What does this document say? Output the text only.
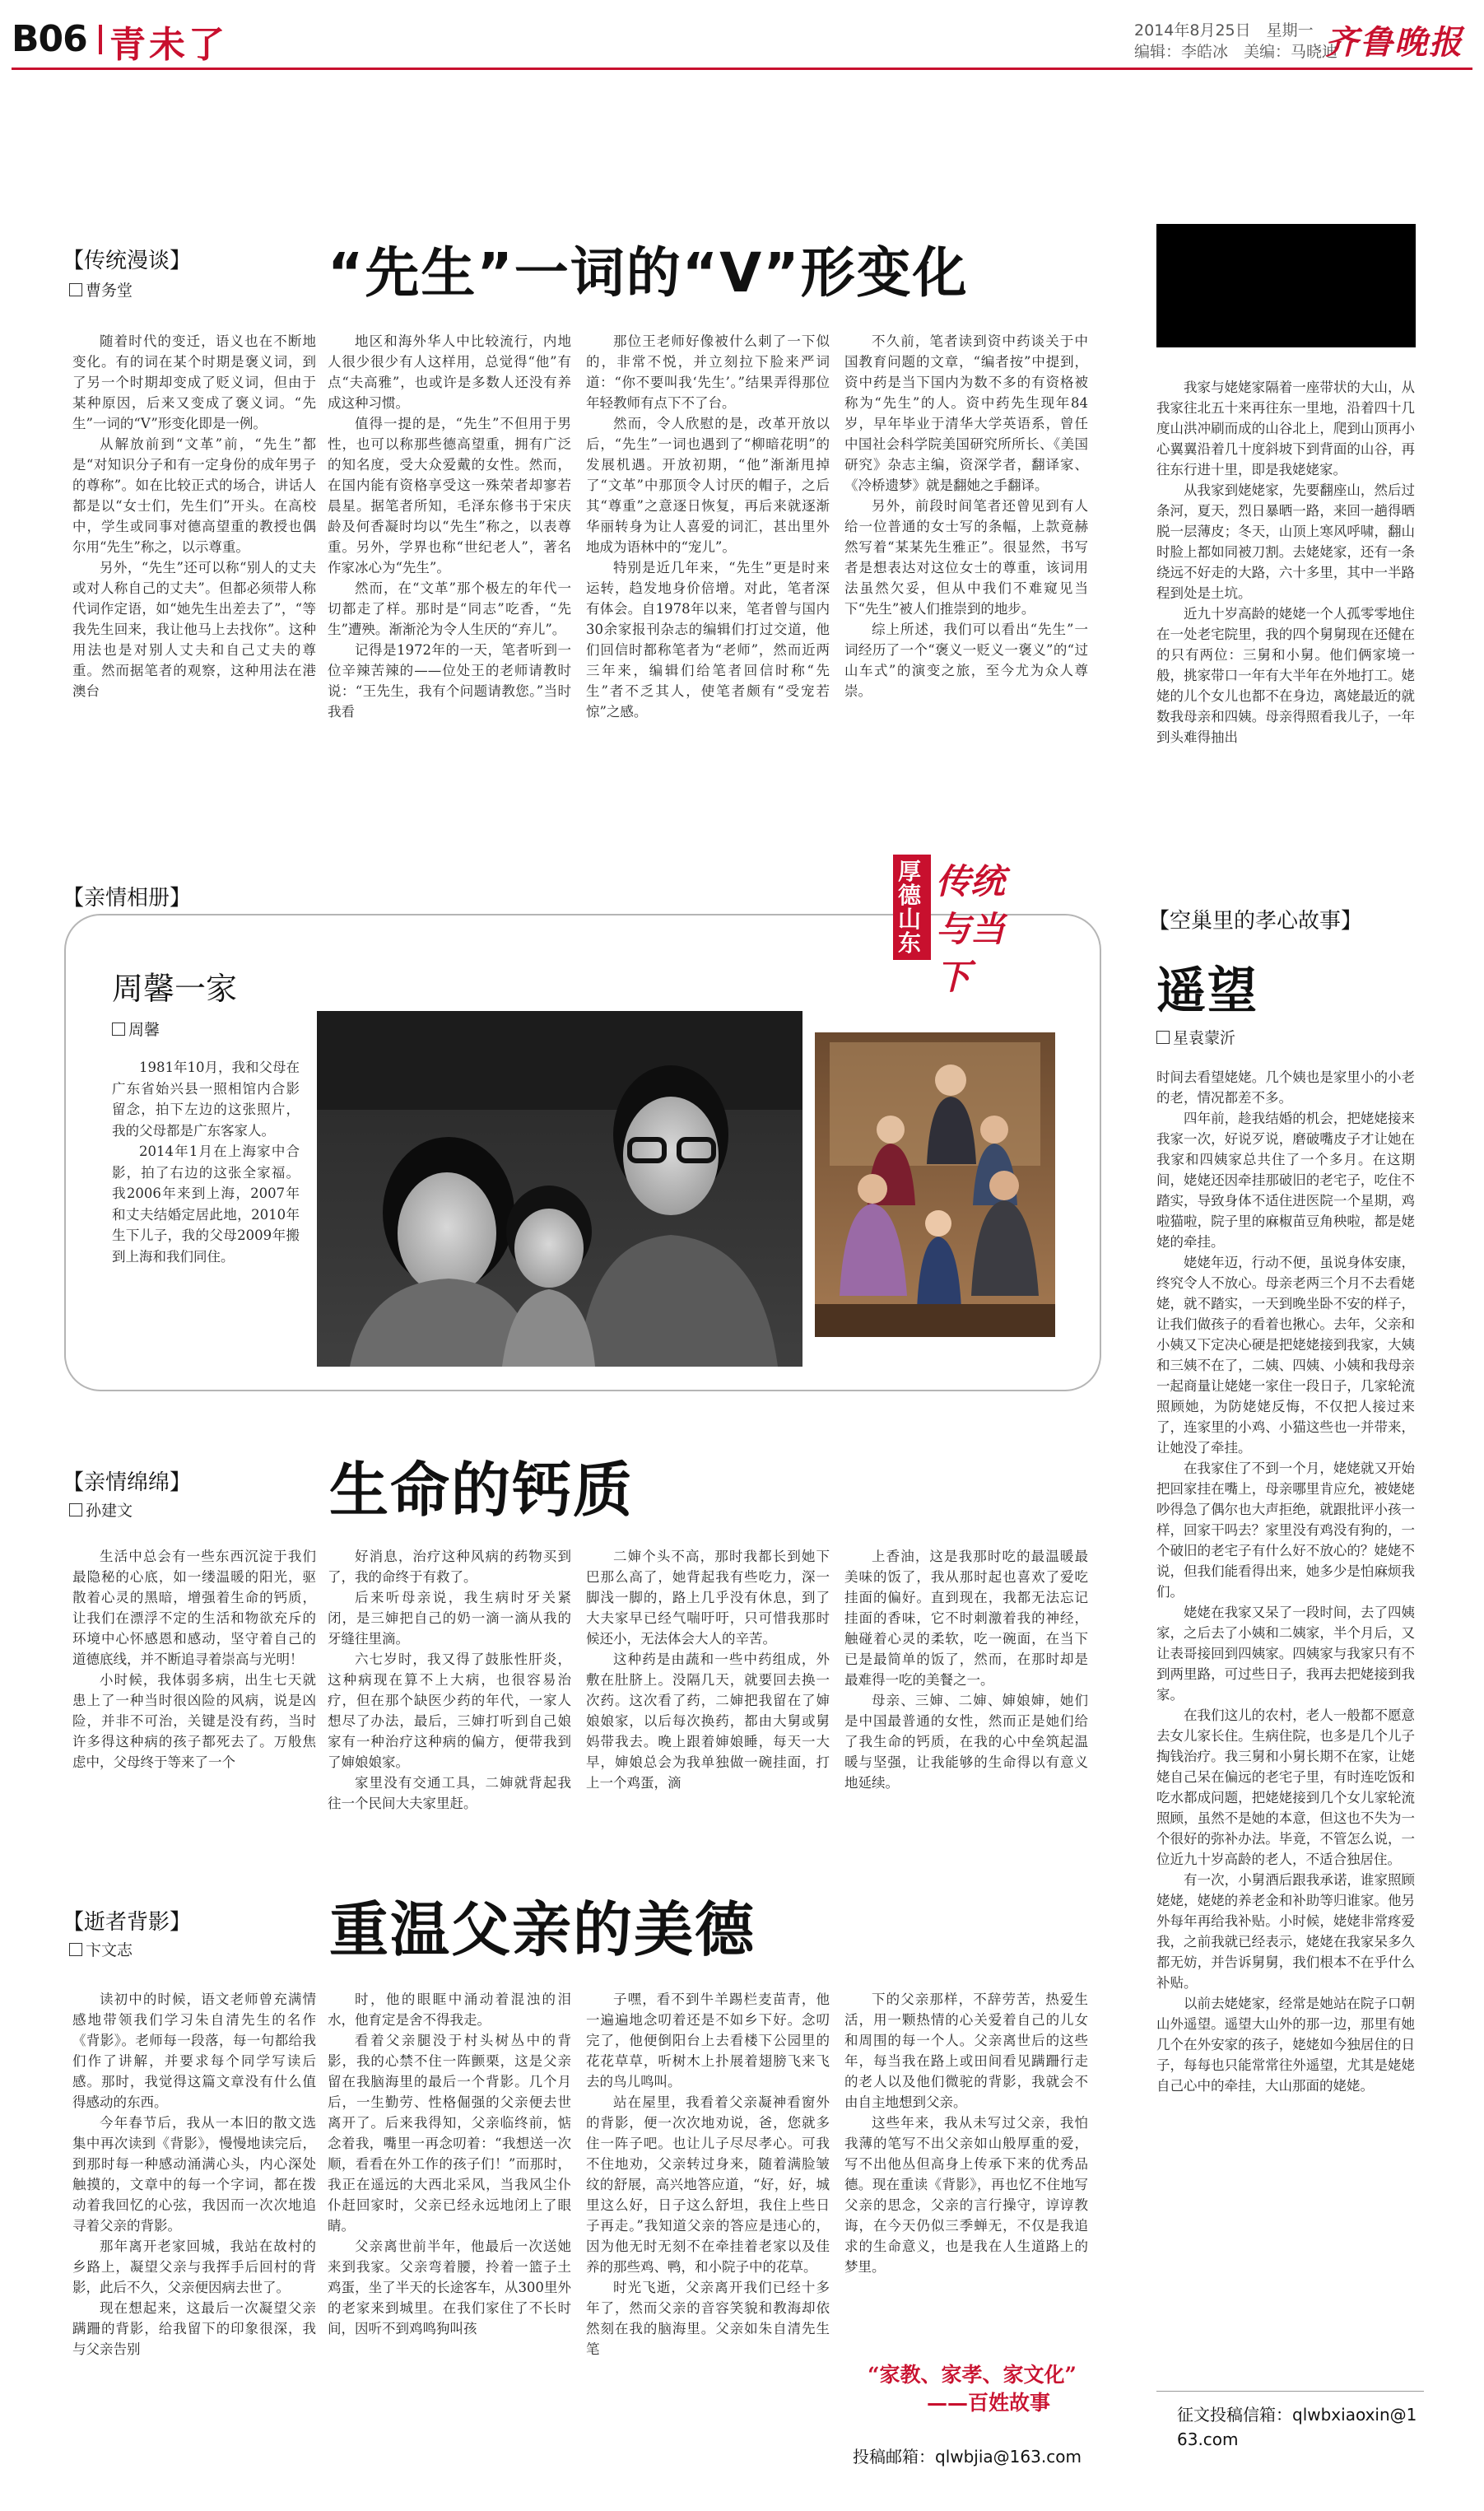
B06 青未了	2014年8月25日　星期一
编辑：李皓冰　美编：马晓迪
齐鲁晚报
【传统漫谈】
曹务堂	“先生”一词的“V”形变化

随着时代的变迁，语义也在不断地变化。有的词在某个时期是褒义词，到了另一个时期却变成了贬义词，但由于某种原因，后来又变成了褒义词。“先生”一词的“V”形变化即是一例。

从解放前到“文革”前，“先生”都是“对知识分子和有一定身份的成年男子的尊称”。如在比较正式的场合，讲话人都是以“女士们，先生们”开头。在高校中，学生或同事对德高望重的教授也偶尔用“先生”称之，以示尊重。

另外，“先生”还可以称“别人的丈夫或对人称自己的丈夫”。但都必须带人称代词作定语，如“她先生出差去了”，“等我先生回来，我让他马上去找你”。这种用法也是对别人丈夫和自己丈夫的尊重。然而据笔者的观察，这种用法在港澳台

地区和海外华人中比较流行，内地人很少很少有人这样用，总觉得“他”有点“夫高雅”，也或许是多数人还没有养成这种习惯。

值得一提的是，“先生”不但用于男性，也可以称那些德高望重，拥有广泛的知名度，受大众爱戴的女性。然而，在国内能有资格享受这一殊荣者却寥若晨星。据笔者所知，毛泽东修书于宋庆龄及何香凝时均以“先生”称之，以表尊重。另外，学界也称“世纪老人”，著名作家冰心为“先生”。

然而，在“文革”那个极左的年代一切都走了样。那时是“同志”吃香，“先生”遭殃。渐渐沦为令人生厌的“弃儿”。

记得是1972年的一天，笔者听到一位辛辣苦辣的——位处王的老师请教时说：“王先生，我有个问题请教您。”当时我看

那位王老师好像被什么刺了一下似的，非常不悦，并立刻拉下脸来严词道：“你不要叫我‘先生’。”结果弄得那位年轻教师有点下不了台。

然而，令人欣慰的是，改革开放以后，“先生”一词也遇到了“柳暗花明”的发展机遇。开放初期，“他”渐渐甩掉了“文革”中那顶令人讨厌的帽子，之后其“尊重”之意逐日恢复，再后来就逐渐华丽转身为让人喜爱的词汇，甚出里外地成为语林中的“宠儿”。

特别是近几年来，“先生”更是时来运转，趋发地身价倍增。对此，笔者深有体会。自1978年以来，笔者曾与国内30余家报刊杂志的编辑们打过交道，他们回信时都称笔者为“老师”，然而近两三年来，编辑们给笔者回信时称“先生”者不乏其人，使笔者颇有“受宠若惊”之感。

不久前，笔者读到资中药谈关于中国教育问题的文章，“编者按”中提到，资中药是当下国内为数不多的有资格被称为“先生”的人。资中药先生现年84岁，早年毕业于清华大学英语系，曾任中国社会科学院美国研究所所长、《美国研究》杂志主编，资深学者，翻译家、《冷桥遗梦》就是翻她之手翻译。

另外，前段时间笔者还曾见到有人给一位普通的女士写的条幅，上款竟赫然写着“某某先生雅正”。很显然，书写者是想表达对这位女士的尊重，该词用法虽然欠妥，但从中我们不难窥见当下“先生”被人们推崇到的地步。

综上所述，我们可以看出“先生”一词经历了一个“褒义一贬义一褒义”的“过山车式”的演变之旅，至今尤为众人尊崇。

广
【亲情相册】
厚德山东
传统与当下
周馨一家
周馨

1981年10月，我和父母在广东省始兴县一照相馆内合影留念，拍下左边的这张照片，我的父母都是广东客家人。

2014年1月在上海家中合影，拍了右边的这张全家福。我2006年来到上海，2007年和丈夫结婚定居此地，2010年生下儿子，我的父母2009年搬到上海和我们同住。

【亲情绵绵】
孙建文	生命的钙质

生活中总会有一些东西沉淀于我们最隐秘的心底，如一缕温暖的阳光，驱散着心灵的黑暗，增强着生命的钙质，让我们在漂浮不定的生活和物欲充斥的环境中心怀感恩和感动，坚守着自己的道德底线，并不断追寻着崇高与光明！

小时候，我体弱多病，出生七天就患上了一种当时很凶险的风病，说是凶险，并非不可治，关键是没有药，当时许多得这种病的孩子都死去了。万般焦虑中，父母终于等来了一个

好消息，治疗这种风病的药物买到了，我的命终于有救了。

后来听母亲说，我生病时牙关紧闭，是三婶把自己的奶一滴一滴从我的牙缝往里滴。

六七岁时，我又得了鼓胀性肝炎，这种病现在算不上大病，也很容易治疗，但在那个缺医少药的年代，一家人想尽了办法，最后，三婶打听到自己娘家有一种治疗这种病的偏方，便带我到了婶娘娘家。

家里没有交通工具，二婶就背起我往一个民间大夫家里赶。

二婶个头不高，那时我都长到她下巴那么高了，她背起我有些吃力，深一脚浅一脚的，路上几乎没有休息，到了大夫家早已经气喘吁吁，只可惜我那时候还小，无法体会大人的辛苦。

这种药是由蔬和一些中药组成，外敷在肚脐上。没隔几天，就要回去换一次药。这次看了药，二婶把我留在了婶娘娘家，以后每次换药，都由大舅或舅妈带我去。晚上跟着婶娘睡，每天一大早，婶娘总会为我单独做一碗挂面，打上一个鸡蛋，滴

上香油，这是我那时吃的最温暖最美味的饭了，我从那时起也喜欢了爱吃挂面的偏好。直到现在，我都无法忘记挂面的香味，它不时刺激着我的神经，触碰着心灵的柔软，吃一碗面，在当下已是最简单的饭了，然而，在那时却是最难得一吃的美餐之一。

母亲、三婶、二婶、婶娘婶，她们是中国最普通的女性，然而正是她们给了我生命的钙质，在我的心中垒筑起温暖与坚强，让我能够的生命得以有意义地延续。

【逝者背影】
卞文志	重温父亲的美德

读初中的时候，语文老师曾充满情感地带领我们学习朱自清先生的名作《背影》。老师每一段落，每一句都给我们作了讲解，并要求每个同学写读后感。那时，我觉得这篇文章没有什么值得感动的东西。

今年春节后，我从一本旧的散文选集中再次读到《背影》，慢慢地读完后，到那时每一种感动涌满心头，内心深处触摸的，文章中的每一个字词，都在拨动着我回忆的心弦，我因而一次次地追寻着父亲的背影。

那年离开老家回城，我站在故村的乡路上，凝望父亲与我挥手后回村的背影，此后不久，父亲便因病去世了。

现在想起来，这最后一次凝望父亲蹒跚的背影，给我留下的印象很深，我与父亲告别

时，他的眼眶中涌动着混浊的泪水，他育定是舍不得我走。

看着父亲腿没于村头树丛中的背影，我的心禁不住一阵颤栗，这是父亲留在我脑海里的最后一个背影。几个月后，一生勤劳、性格倔强的父亲便去世离开了。后来我得知，父亲临终前，惦念着我，嘴里一再念叨着：“我想送一次顺，看看在外工作的孩子们！”而那时，我正在遥远的大西北采风，当我风尘仆仆赶回家时，父亲已经永远地闭上了眼睛。

父亲离世前半年，他最后一次送她来到我家。父亲弯着腰，拎着一篮子土鸡蛋，坐了半天的长途客车，从300里外的老家来到城里。在我们家住了不长时间，因听不到鸡鸣狗叫孩

子嘿，看不到牛羊踢栏麦苗青，他一遍遍地念叨着还是不如乡下好。念叨完了，他便倒阳台上去看楼下公园里的花花草草，听树木上扑展着翅膀飞来飞去的鸟儿鸣叫。

站在屋里，我看着父亲凝神看窗外的背影，便一次次地劝说，爸，您就多住一阵子吧。也让儿子尽尽孝心。可我不住地劝，父亲转过身来，随着满脸皱纹的舒展，高兴地答应道，“好，好，城里这么好，日子这么舒坦，我住上些日子再走。”我知道父亲的答应是违心的，因为他无时无刻不在牵挂着老家以及佳养的那些鸡、鸭，和小院子中的花草。

时光飞逝，父亲离开我们已经十多年了，然而父亲的音容笑貌和教海却依然刻在我的脑海里。父亲如朱自清先生笔

下的父亲那样，不辞劳苦，热爱生活，用一颗热情的心关爱着自己的儿女和周围的每一个人。父亲离世后的这些年，每当我在路上或田间看见蹒跚行走的老人以及他们微驼的背影，我就会不由自主地想到父亲。

这些年来，我从未写过父亲，我怕我薄的笔写不出父亲如山般厚重的爱，写不出他丛但高身上传承下来的优秀品德。现在重读《背影》，再也忆不住地写父亲的思念，父亲的言行操守，谆谆教诲，在今天仍似三季蝉无，不仅是我追求的生命意义，也是我在人生道路上的梦里。

“家教、家孝、家文化”
——百姓故事
投稿邮箱：qlwbjia@163.com

我家与姥姥家隔着一座带状的大山，从我家往北五十来再往东一里地，沿着四十几度山洪冲刷而成的山谷北上，爬到山顶再小心翼翼沿着几十度斜坡下到背面的山谷，再往东行进十里，即是我姥姥家。

从我家到姥姥家，先要翻座山，然后过条河，夏天，烈日暴晒一路，来回一趟得晒脱一层薄皮；冬天，山顶上寒风呼啸，翻山时脸上都如同被刀割。去姥姥家，还有一条绕远不好走的大路，六十多里，其中一半路程到处是土坑。

近九十岁高龄的姥姥一个人孤零零地住在一处老宅院里，我的四个舅舅现在还健在的只有两位：三舅和小舅。他们俩家境一般，挑家带口一年有大半年在外地打工。姥姥的儿个女儿也都不在身边，离姥最近的就数我母亲和四姨。母亲得照看我儿子，一年到头难得抽出

【空巢里的孝心故事】
遥望
星袁蒙沂

时间去看望姥姥。几个姨也是家里小的小老的老，情况都差不多。

四年前，趁我结婚的机会，把姥姥接来我家一次，好说歹说，磨破嘴皮子才让她在我家和四姨家总共住了一个多月。在这期间，姥姥还因牵挂那破旧的老宅子，吃住不踏实，导致身体不适住进医院一个星期，鸡啦猫啦，院子里的麻椒苗豆角秧啦，都是姥姥的牵挂。

姥姥年迈，行动不便，虽说身体安康，终究令人不放心。母亲老两三个月不去看姥姥，就不踏实，一天到晚坐卧不安的样子，让我们做孩子的看着也揪心。去年，父亲和小姨又下定决心硬是把姥姥接到我家，大姨和三姨不在了，二姨、四姨、小姨和我母亲一起商量让姥姥一家住一段日子，几家轮流照顾她，为防姥姥反悔，不仅把人接过来了，连家里的小鸡、小猫这些也一并带来，让她没了牵挂。

在我家住了不到一个月，姥姥就又开始把回家挂在嘴上，母亲哪里肯应允，被姥姥吵得急了偶尔也大声拒绝，就跟批评小孩一样，回家干吗去？家里没有鸡没有狗的，一个破旧的老宅子有什么好不放心的？姥姥不说，但我们能看得出来，她多少是怕麻烦我们。

姥姥在我家又呆了一段时间，去了四姨家，之后去了小姨和二姨家，半个月后，又让表哥接回到四姨家。四姨家与我家只有不到两里路，可过些日子，我再去把姥接到我家。

在我们这儿的农村，老人一般都不愿意去女儿家长住。生病住院，也多是几个儿子掏钱治疗。我三舅和小舅长期不在家，让姥姥自己呆在偏远的老宅子里，有时连吃饭和吃水都成问题，把姥姥接到几个女儿家轮流照顾，虽然不是她的本意，但这也不失为一个很好的弥补办法。毕竟，不管怎么说，一位近九十岁高龄的老人，不适合独居住。

有一次，小舅酒后跟我承诺，谁家照顾姥姥，姥姥的养老金和补助等归谁家。他另外每年再给我补贴。小时候，姥姥非常疼爱我，之前我就已经表示，姥姥在我家呆多久都无妨，并告诉舅舅，我们根本不在乎什么补贴。

以前去姥姥家，经常是她站在院子口朝山外遥望。遥望大山外的那一边，那里有她几个在外安家的孩子，姥姥如今独居住的日子，每每也只能常常往外遥望，尤其是姥姥自己心中的牵挂，大山那面的姥姥。

征文投稿信箱：qlwbxiaoxin@163.com
